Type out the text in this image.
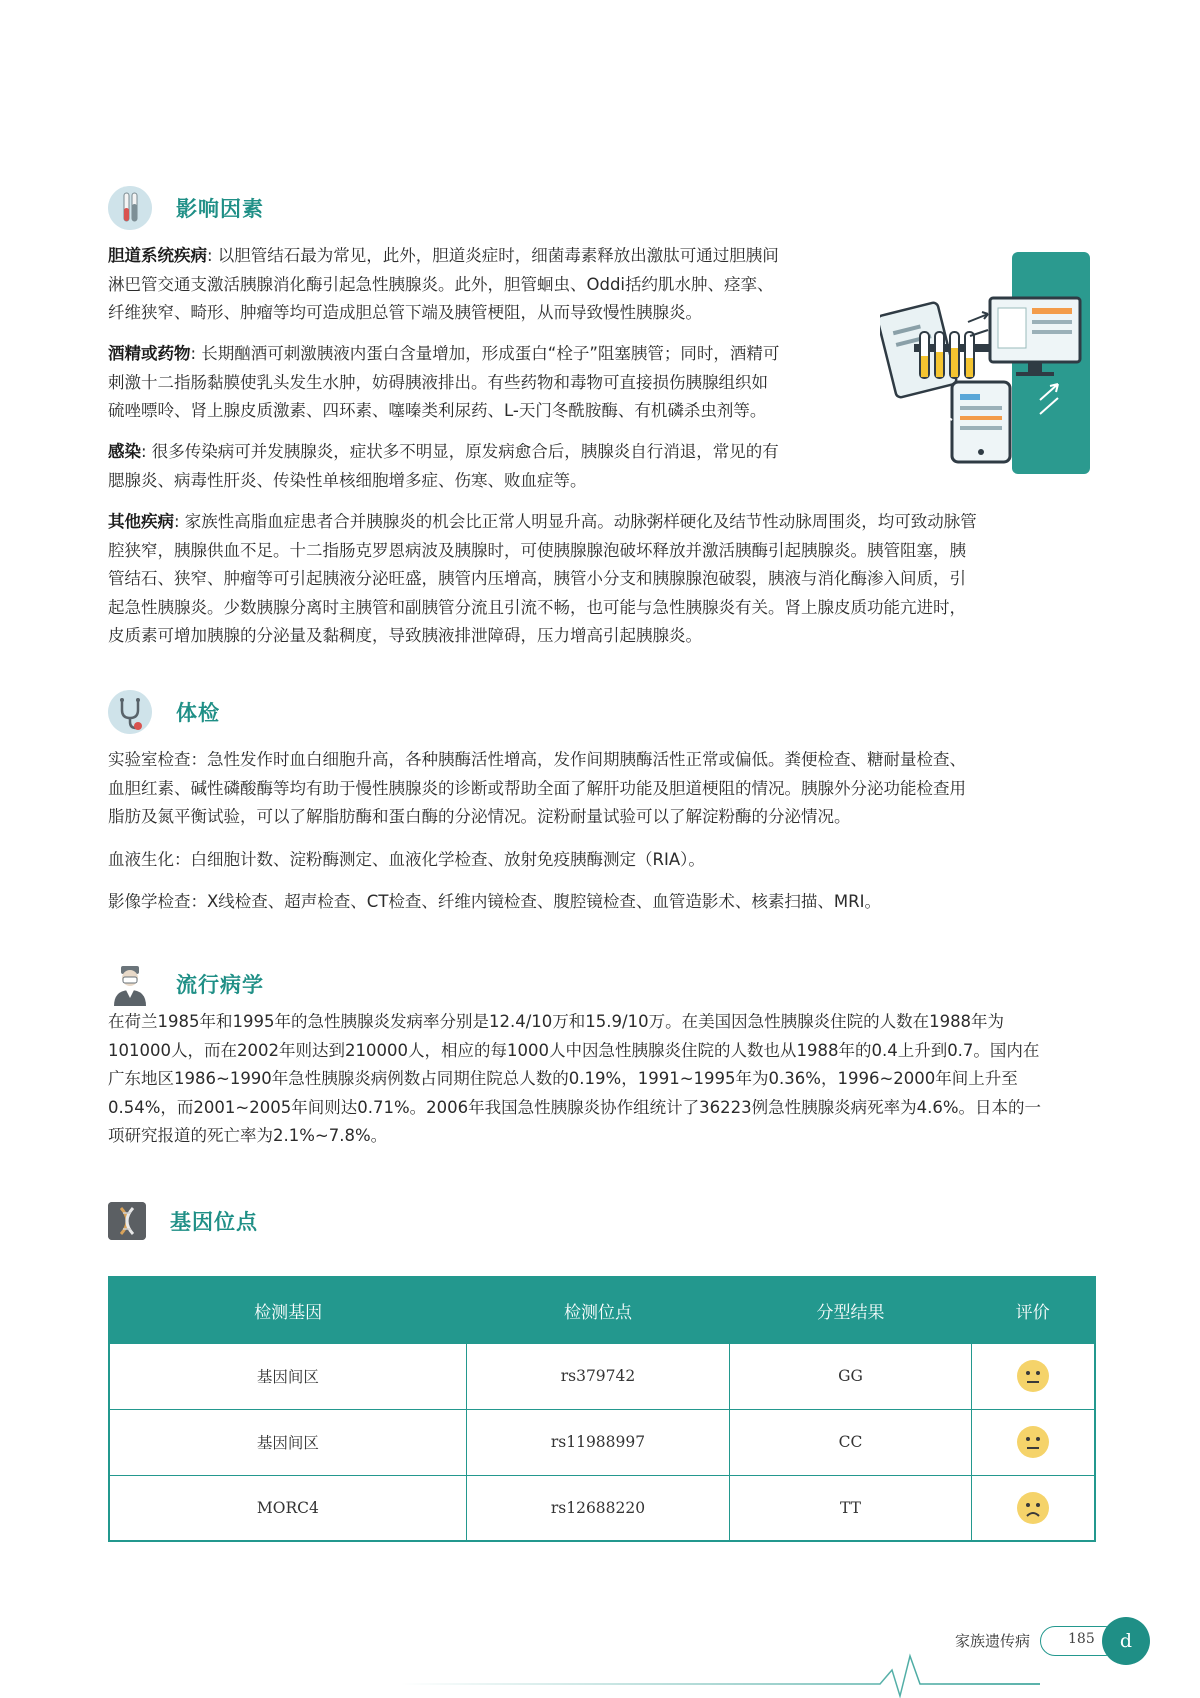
影响因素
胆道系统疾病: 以胆管结石最为常见，此外，胆道炎症时，细菌毒素释放出激肽可通过胆胰间
淋巴管交通支激活胰腺消化酶引起急性胰腺炎。此外，胆管蛔虫、Oddi括约肌水肿、痉挛、
纤维狭窄、畸形、肿瘤等均可造成胆总管下端及胰管梗阻，从而导致慢性胰腺炎。
酒精或药物: 长期酗酒可刺激胰液内蛋白含量增加，形成蛋白“栓子”阻塞胰管；同时，酒精可
刺激十二指肠黏膜使乳头发生水肿，妨碍胰液排出。有些药物和毒物可直接损伤胰腺组织如
硫唑嘌呤、肾上腺皮质激素、四环素、噻嗪类利尿药、L-天门冬酰胺酶、有机磷杀虫剂等。
感染: 很多传染病可并发胰腺炎，症状多不明显，原发病愈合后，胰腺炎自行消退，常见的有
腮腺炎、病毒性肝炎、传染性单核细胞增多症、伤寒、败血症等。
其他疾病: 家族性高脂血症患者合并胰腺炎的机会比正常人明显升高。动脉粥样硬化及结节性动脉周围炎，均可致动脉管
腔狭窄，胰腺供血不足。十二指肠克罗恩病波及胰腺时，可使胰腺腺泡破坏释放并激活胰酶引起胰腺炎。胰管阻塞，胰
管结石、狭窄、肿瘤等可引起胰液分泌旺盛，胰管内压增高，胰管小分支和胰腺腺泡破裂，胰液与消化酶渗入间质，引
起急性胰腺炎。少数胰腺分离时主胰管和副胰管分流且引流不畅，也可能与急性胰腺炎有关。肾上腺皮质功能亢进时，
皮质素可增加胰腺的分泌量及黏稠度，导致胰液排泄障碍，压力增高引起胰腺炎。
体检
实验室检查：急性发作时血白细胞升高，各种胰酶活性增高，发作间期胰酶活性正常或偏低。粪便检查、糖耐量检查、
血胆红素、碱性磷酸酶等均有助于慢性胰腺炎的诊断或帮助全面了解肝功能及胆道梗阻的情况。胰腺外分泌功能检查用
脂肪及氮平衡试验，可以了解脂肪酶和蛋白酶的分泌情况。淀粉耐量试验可以了解淀粉酶的分泌情况。
血液生化：白细胞计数、淀粉酶测定、血液化学检查、放射免疫胰酶测定（RIA）。
影像学检查：X线检查、超声检查、CT检查、纤维内镜检查、腹腔镜检查、血管造影术、核素扫描、MRI。
流行病学
在荷兰1985年和1995年的急性胰腺炎发病率分别是12.4/10万和15.9/10万。在美国因急性胰腺炎住院的人数在1988年为
101000人，而在2002年则达到210000人，相应的每1000人中因急性胰腺炎住院的人数也从1988年的0.4上升到0.7。国内在
广东地区1986~1990年急性胰腺炎病例数占同期住院总人数的0.19%，1991~1995年为0.36%，1996~2000年间上升至
0.54%，而2001~2005年间则达0.71%。2006年我国急性胰腺炎协作组统计了36223例急性胰腺炎病死率为4.6%。日本的一
项研究报道的死亡率为2.1%~7.8%。
基因位点
检测基因	检测位点	分型结果	评价
基因间区	rs379742	GG	
基因间区	rs11988997	CC	
MORC4	rs12688220	TT	
家族遗传病	185	d
